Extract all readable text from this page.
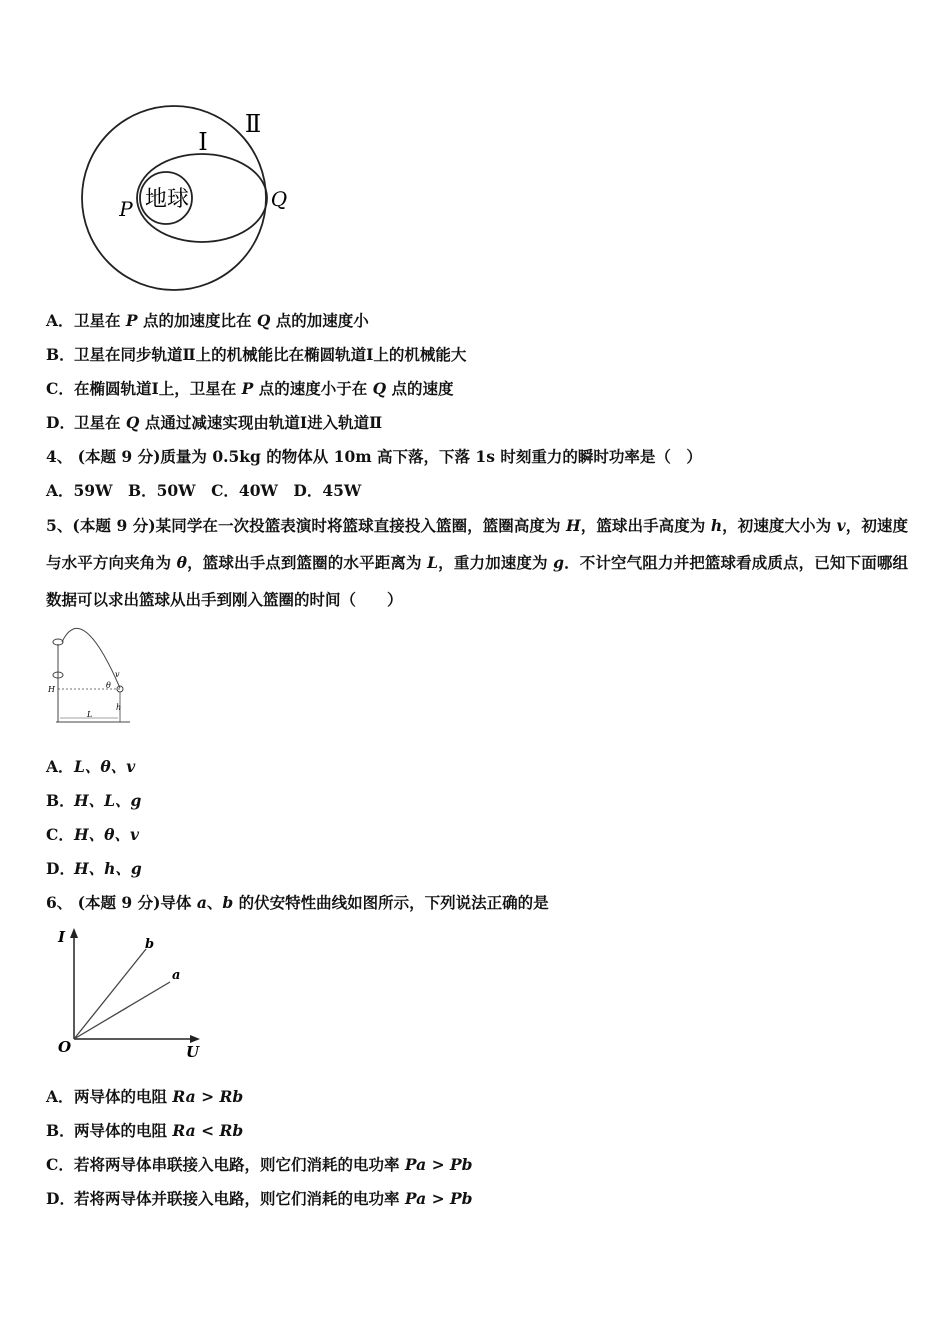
Ⅰ
Ⅱ
地球
P	Q
A．卫星在 P 点的加速度比在 Q 点的加速度小
B．卫星在同步轨道Ⅱ上的机械能比在椭圆轨道Ⅰ上的机械能大
C．在椭圆轨道Ⅰ上，卫星在 P 点的速度小于在 Q 点的速度
D．卫星在 Q 点通过减速实现由轨道Ⅰ进入轨道Ⅱ
4、 (本题 9 分)质量为 0.5kg 的物体从 10m 高下落，下落 1s 时刻重力的瞬时功率是（　）
A．59W　B．50W　C．40W　D．45W
5、(本题 9 分)某同学在一次投篮表演时将篮球直接投入篮圈，篮圈高度为 H，篮球出手高度为 h，初速度大小为 v，初速度与水平方向夹角为 θ，篮球出手点到篮圈的水平距离为 L，重力加速度为 g．不计空气阻力并把篮球看成质点，已知下面哪组数据可以求出篮球从出手到刚入篮圈的时间（　　）
H
v
θ
L
h
A．L、θ、v
B．H、L、g
C．H、θ、v
D．H、h、g
6、 (本题 9 分)导体 a、b 的伏安特性曲线如图所示，下列说法正确的是
I
U
O
b
a
A．两导体的电阻 Ra > Rb
B．两导体的电阻 Ra < Rb
C．若将两导体串联接入电路，则它们消耗的电功率 Pa > Pb
D．若将两导体并联接入电路，则它们消耗的电功率 Pa > Pb
